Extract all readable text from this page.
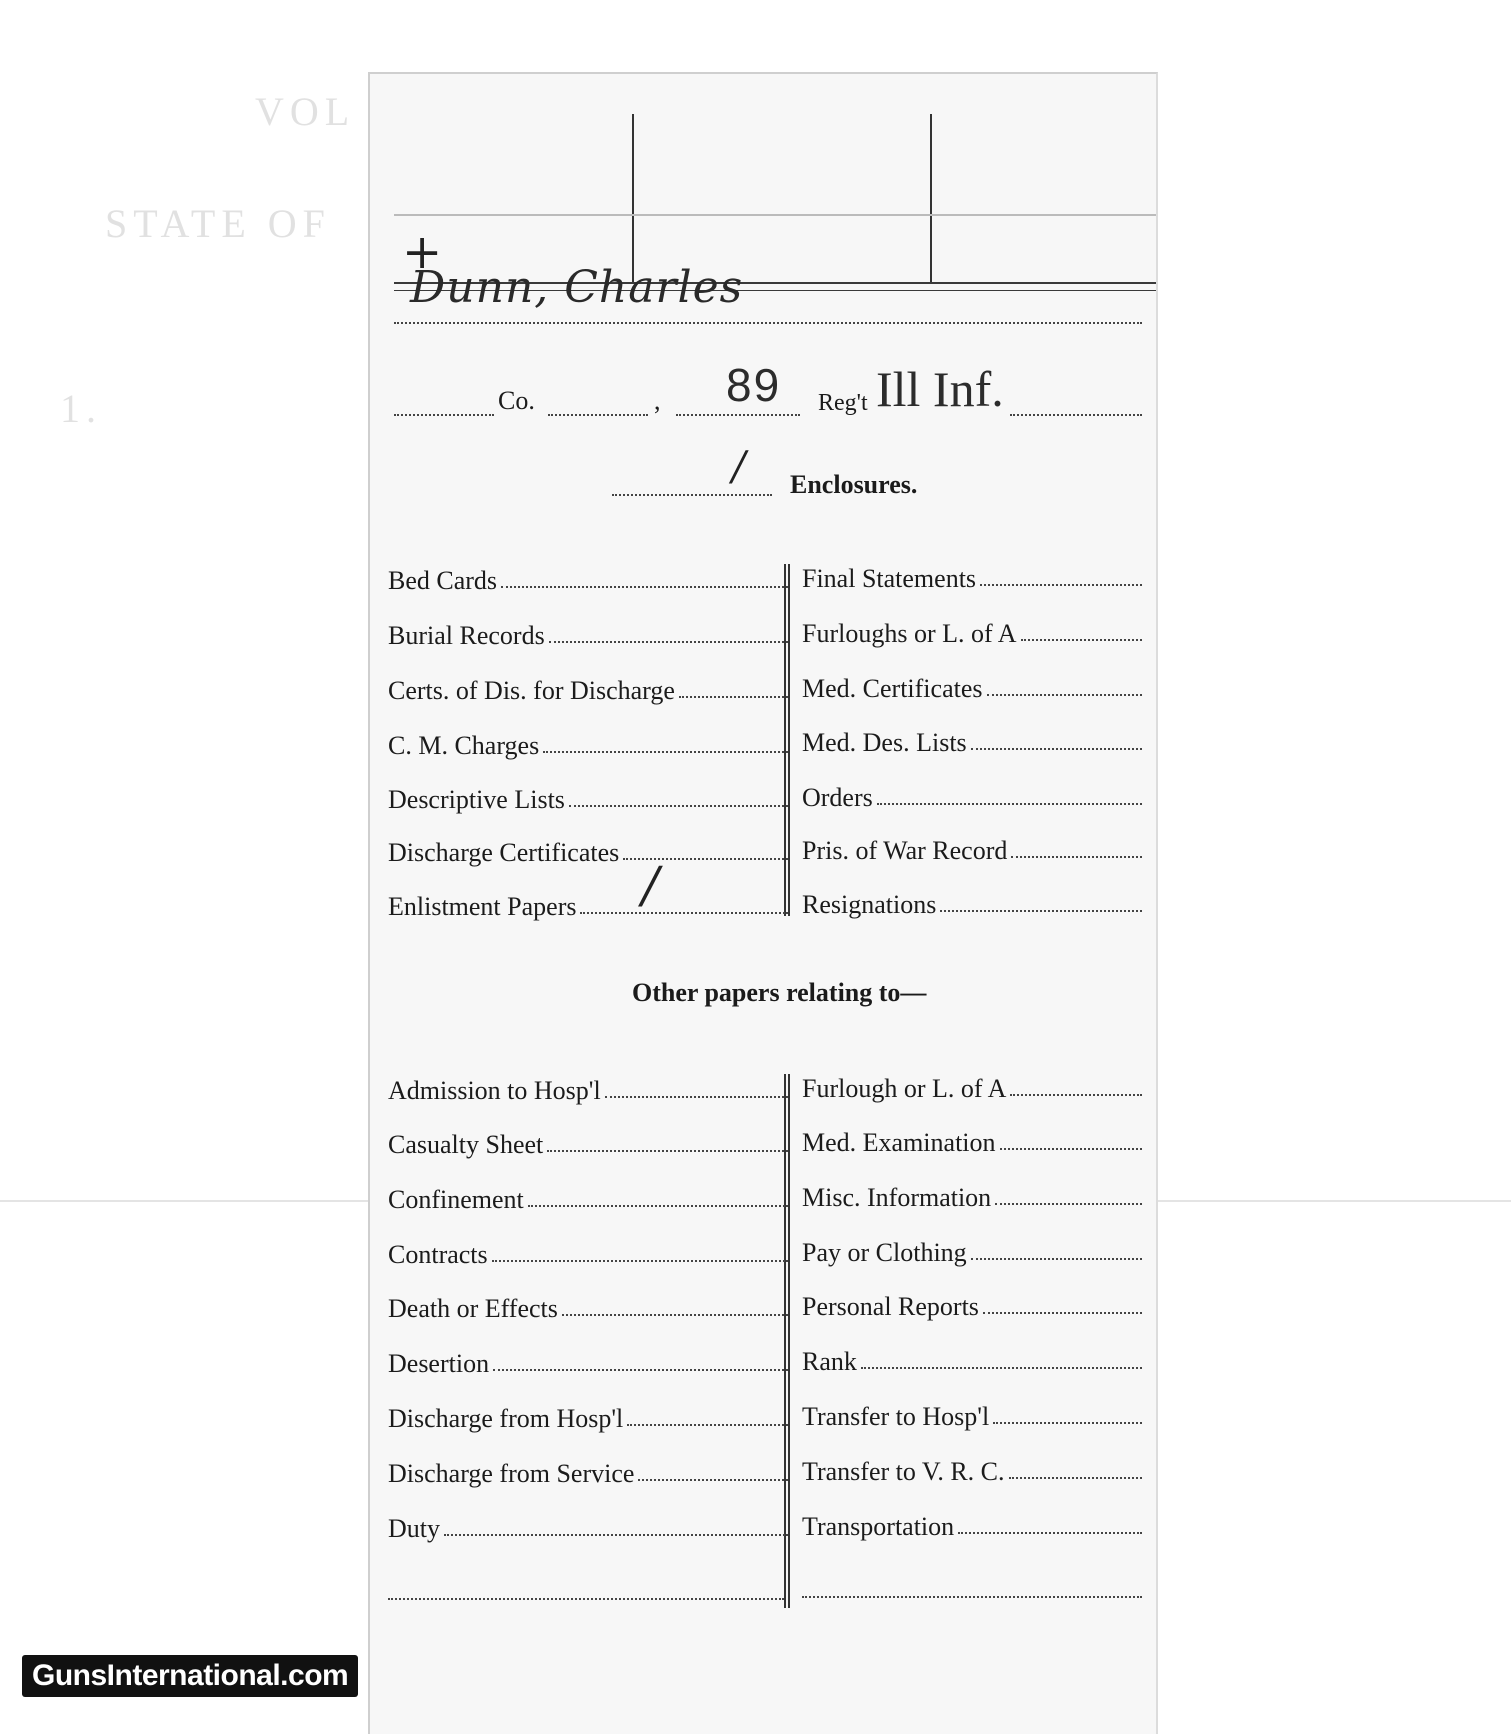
VOL
STATE OF
1.
+
Dunn, Charles
Co.	, 89 Reg't Ill Inf.
/ Enclosures.
Bed Cards
Burial Records
Certs. of Dis. for Discharge
C. M. Charges
Descriptive Lists
Discharge Certificates
Enlistment Papers /
Final Statements
Furloughs or L. of A
Med. Certificates
Med. Des. Lists
Orders
Pris. of War Record
Resignations
Other papers relating to—
Admission to Hosp'l
Casualty Sheet
Confinement
Contracts
Death or Effects
Desertion
Discharge from Hosp'l
Discharge from Service
Duty
Furlough or L. of A
Med. Examination
Misc. Information
Pay or Clothing
Personal Reports
Rank
Transfer to Hosp'l
Transfer to V. R. C.
Transportation
GunsInternational.com
